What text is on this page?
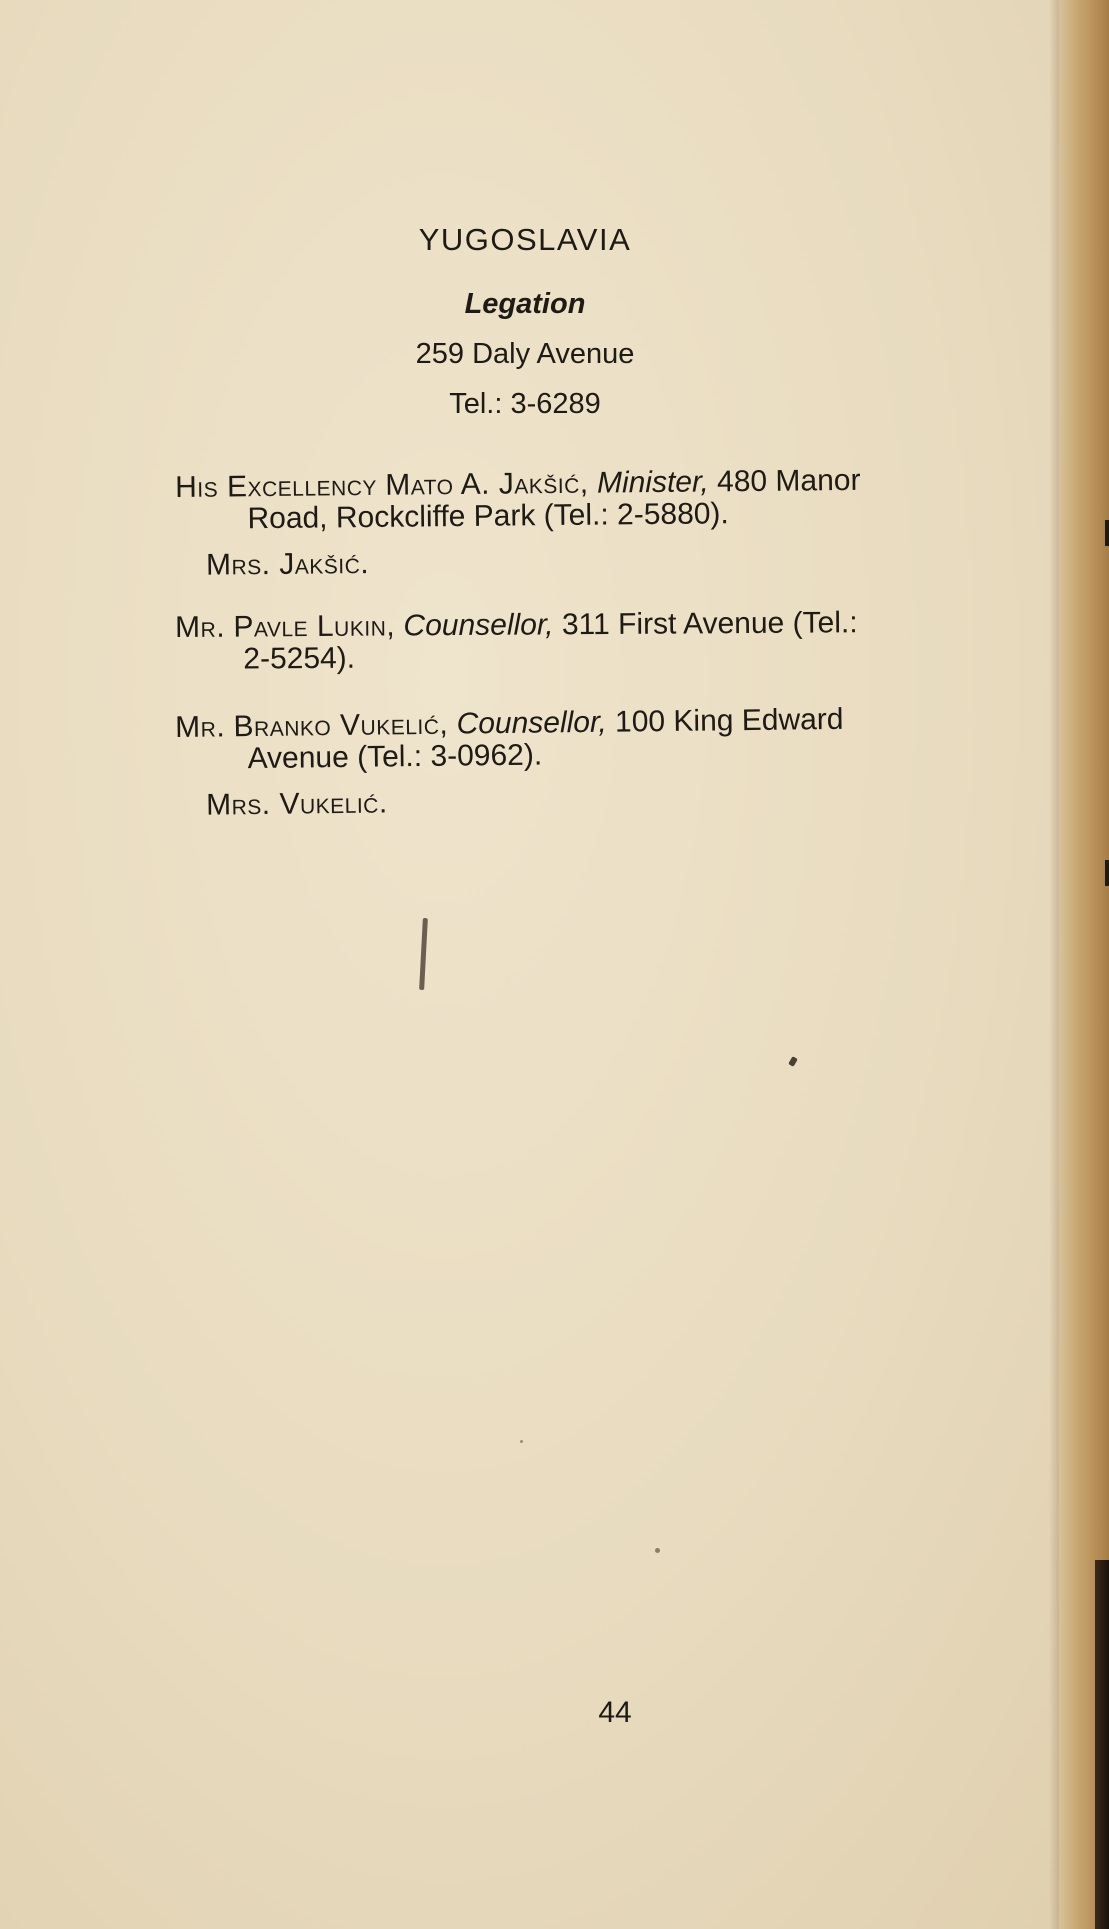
YUGOSLAVIA
Legation
259 Daly Avenue
Tel.: 3-6289
His Excellency Mato A. Jakšić, Minister, 480 Manor
Road, Rockcliffe Park (Tel.: 2-5880).
Mrs. Jakšić.
Mr. Pavle Lukin, Counsellor, 311 First Avenue (Tel.:
2-5254).
Mr. Branko Vukelić, Counsellor, 100 King Edward
Avenue (Tel.: 3-0962).
Mrs. Vukelić.
44
